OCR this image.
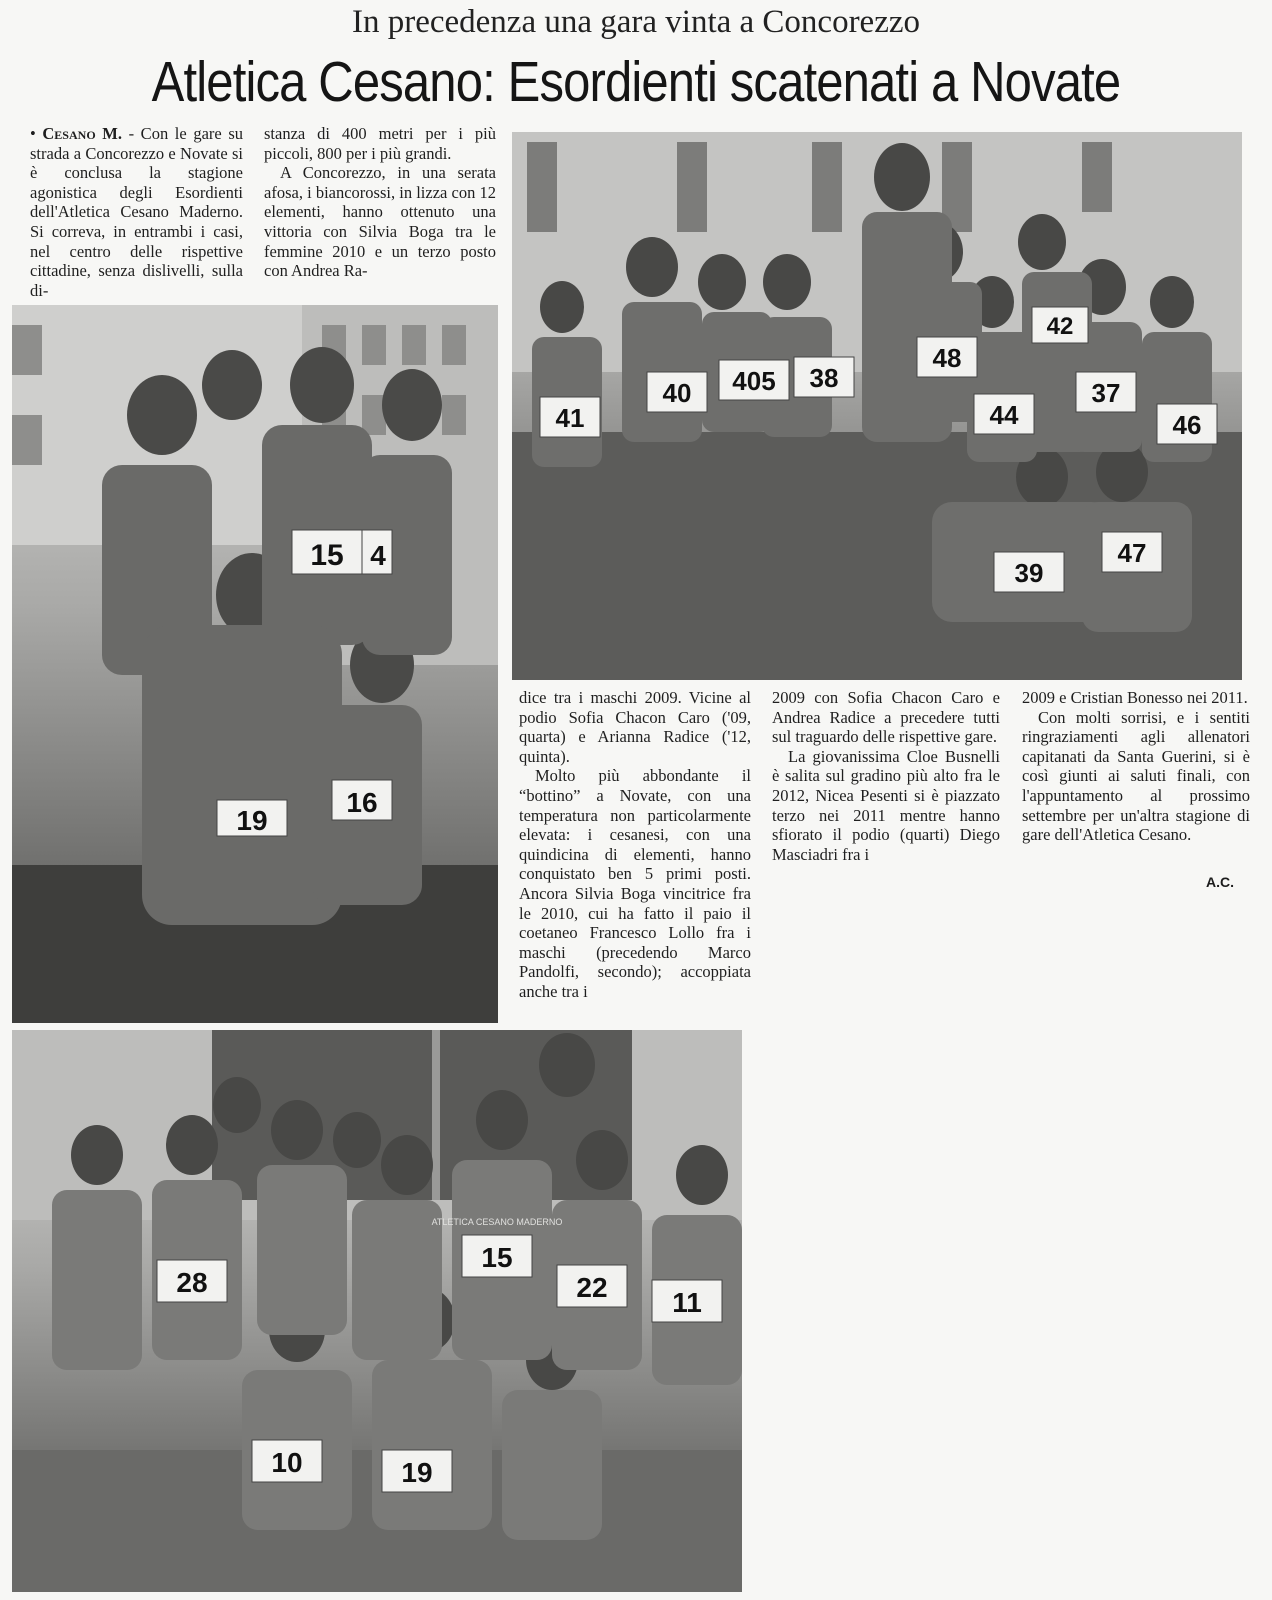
In precedenza una gara vinta a Concorezzo
Atletica Cesano: Esordienti scatenati a Novate

• Cesano M. - Con le gare su strada a Concorezzo e Novate si è conclusa la stagione agonistica degli Esordienti dell'Atletica Cesano Maderno. Si correva, in entrambi i casi, nel centro delle rispettive cittadine, senza dislivelli, sulla di-

stanza di 400 metri per i più piccoli, 800 per i più grandi.

A Concorezzo, in una serata afosa, i biancorossi, in lizza con 12 elementi, hanno ottenuto una vittoria con Silvia Boga tra le femmine 2010 e un terzo posto con Andrea Ra-

dice tra i maschi 2009. Vicine al podio Sofia Chacon Caro ('09, quarta) e Arianna Radice ('12, quinta).

Molto più abbondante il “bottino” a Novate, con una temperatura non particolarmente elevata: i cesanesi, con una quindicina di elementi, hanno conquistato ben 5 primi posti. Ancora Silvia Boga vincitrice fra le 2010, cui ha fatto il paio il coetaneo Francesco Lollo fra i maschi (precedendo Marco Pandolfi, secondo); accoppiata anche tra i

2009 con Sofia Chacon Caro e Andrea Radice a precedere tutti sul traguardo delle rispettive gare.

La giovanissima Cloe Busnelli è salita sul gradino più alto fra le 2012, Nicea Pesenti si è piazzato terzo nei 2011 mentre hanno sfiorato il podio (quarti) Diego Masciadri fra i

2009 e Cristian Bonesso nei 2011.

Con molti sorrisi, e i sentiti ringraziamenti agli allenatori capitanati da Santa Guerini, si è così giunti ai saluti finali, con l'appuntamento al prossimo settembre per un'altra stagione di gare dell'Atletica Cesano.

A.C.
15 4
19
16
41
40 405 38
48
42
44
37
46
39
47
28
15
22 11
10	19
ATLETICA CESANO MADERNO
